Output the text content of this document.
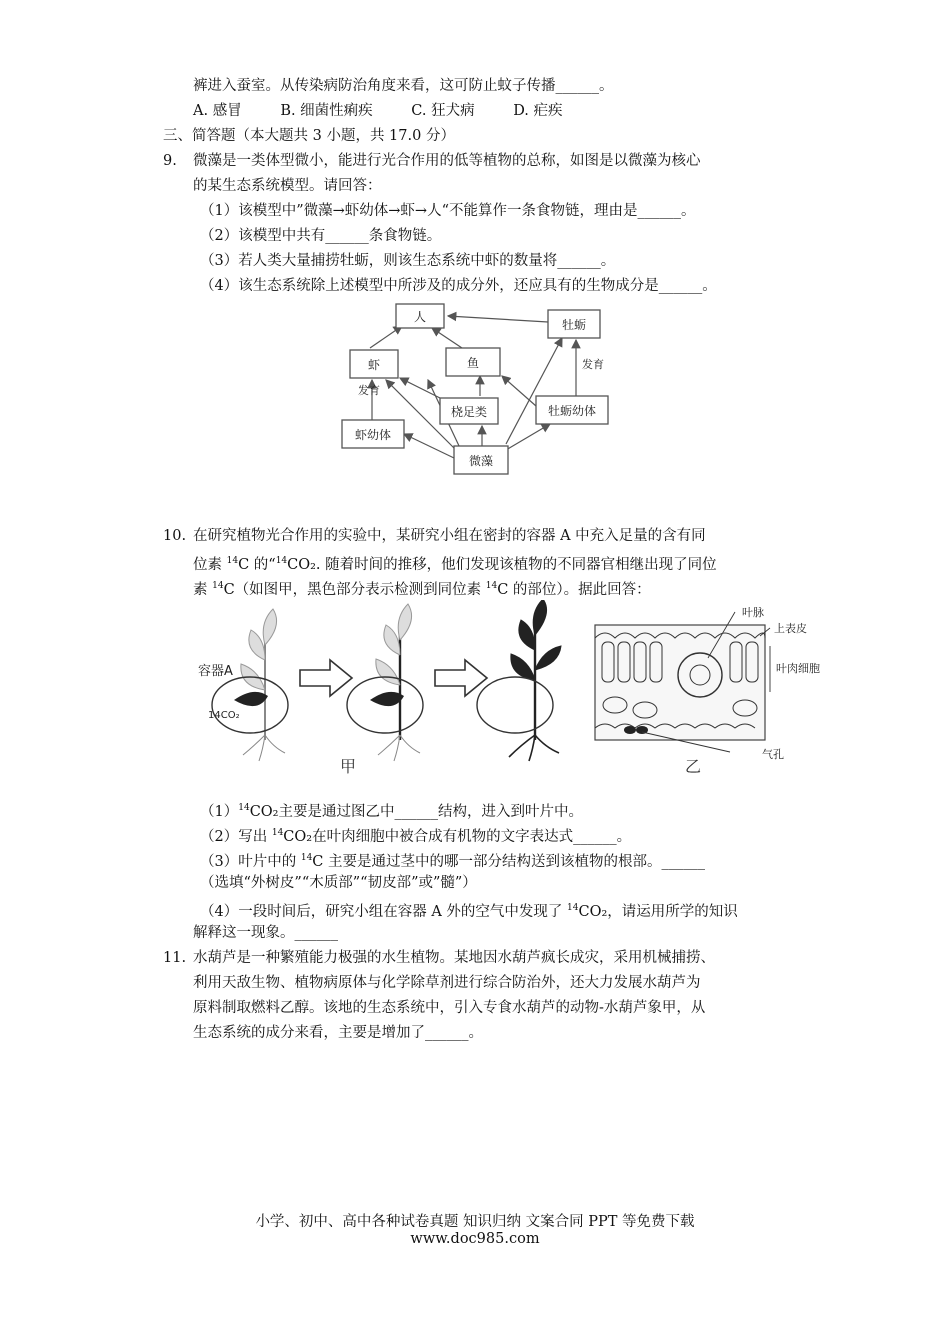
裤进入蚕室。从传染病防治角度来看，这可防止蚊子传播______。
A. 感冒	B. 细菌性痢疾	C. 狂犬病	D. 疟疾
三、简答题（本大题共 3 小题，共 17.0 分）
9. 微藻是一类体型微小，能进行光合作用的低等植物的总称，如图是以微藻为核心
的某生态系统模型。请回答：
（1）该模型中”微藻→虾幼体→虾→人“不能算作一条食物链，理由是______。
（2）该模型中共有______条食物链。
（3）若人类大量捕捞牡蛎，则该生态系统中虾的数量将______。
（4）该生态系统除上述模型中所涉及的成分外，还应具有的生物成分是______。
人
牡蛎
虾	鱼
桡足类	牡蛎幼体
虾幼体
微藻
发育
发育
10. 在研究植物光合作用的实验中，某研究小组在密封的容器 A 中充入足量的含有同
位素 $^{14}$C 的“$^{14}$CO₂. 随着时间的推移，他们发现该植物的不同器官相继出现了同位
素 $^{14}$C（如图甲，黑色部分表示检测到同位素 $^{14}$C 的部位）。据此回答：
容器A
14CO₂
甲
叶脉
上表皮
叶肉细胞
气孔
乙
$(1)^{14}CO_2$主要是通过图乙中______结构，进入到叶片中。
（2）写出 $^{14}$CO₂在叶肉细胞中被合成有机物的文字表达式______。
（3）叶片中的 $^{14}$C 主要是通过茎中的哪一部分结构送到该植物的根部。______
（选填“外树皮”“木质部”“韧皮部”或”髓”）
（4）一段时间后，研究小组在容器 A 外的空气中发现了 $^{14}$CO₂，请运用所学的知识
解释这一现象。______
11. 水葫芦是一种繁殖能力极强的水生植物。某地因水葫芦疯长成灾，采用机械捕捞、
利用天敌生物、植物病原体与化学除草剂进行综合防治外，还大力发展水葫芦为
原料制取燃料乙醇。该地的生态系统中，引入专食水葫芦的动物-水葫芦象甲，从
生态系统的成分来看，主要是增加了______。
小学、初中、高中各种试卷真题 知识归纳 文案合同 PPT 等免费下载
www.doc985.com
